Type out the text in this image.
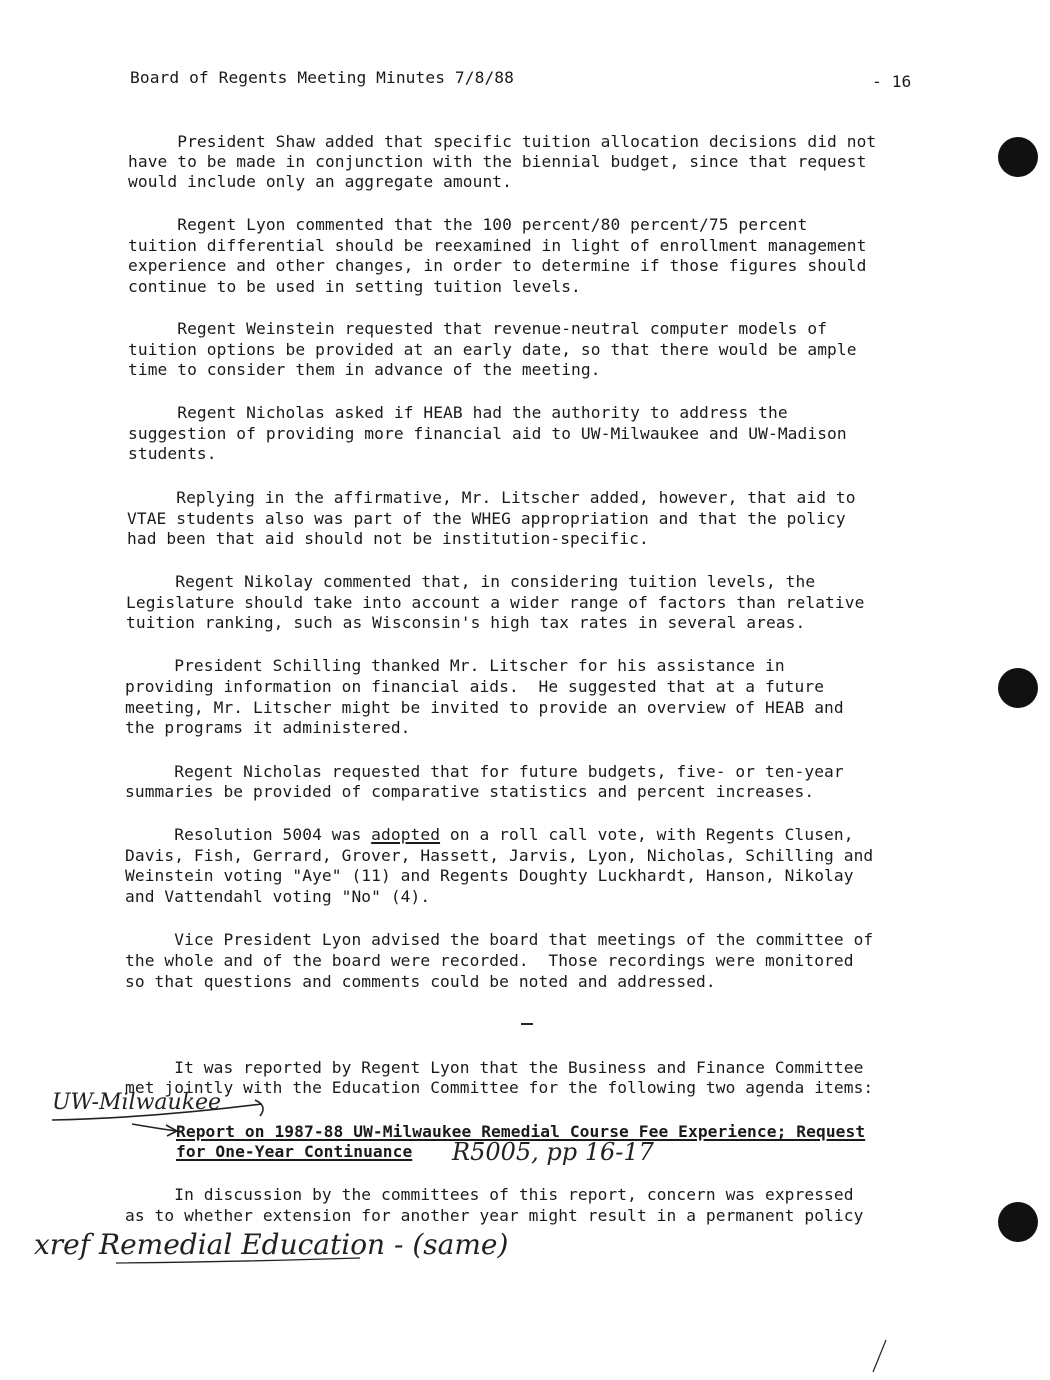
Board of Regents Meeting Minutes 7/8/88	- 16
President Shaw added that specific tuition allocation decisions did not
have to be made in conjunction with the biennial budget, since that request
would include only an aggregate amount.
Regent Lyon commented that the 100 percent/80 percent/75 percent
tuition differential should be reexamined in light of enrollment management
experience and other changes, in order to determine if those figures should
continue to be used in setting tuition levels.
Regent Weinstein requested that revenue-neutral computer models of
tuition options be provided at an early date, so that there would be ample
time to consider them in advance of the meeting.
Regent Nicholas asked if HEAB had the authority to address the
suggestion of providing more financial aid to UW-Milwaukee and UW-Madison
students.
Replying in the affirmative, Mr. Litscher added, however, that aid to
VTAE students also was part of the WHEG appropriation and that the policy
had been that aid should not be institution-specific.
Regent Nikolay commented that, in considering tuition levels, the
Legislature should take into account a wider range of factors than relative
tuition ranking, such as Wisconsin's high tax rates in several areas.
President Schilling thanked Mr. Litscher for his assistance in
providing information on financial aids.  He suggested that at a future
meeting, Mr. Litscher might be invited to provide an overview of HEAB and
the programs it administered.
Regent Nicholas requested that for future budgets, five- or ten-year
summaries be provided of comparative statistics and percent increases.
Resolution 5004 was adopted on a roll call vote, with Regents Clusen,
Davis, Fish, Gerrard, Grover, Hassett, Jarvis, Lyon, Nicholas, Schilling and
Weinstein voting "Aye" (11) and Regents Doughty Luckhardt, Hanson, Nikolay
and Vattendahl voting "No" (4).
Vice President Lyon advised the board that meetings of the committee of
the whole and of the board were recorded.  Those recordings were monitored
so that questions and comments could be noted and addressed.
It was reported by Regent Lyon that the Business and Finance Committee
met jointly with the Education Committee for the following two agenda items:
Report on 1987-88 UW-Milwaukee Remedial Course Fee Experience; Request
for One-Year Continuance
In discussion by the committees of this report, concern was expressed
as to whether extension for another year might result in a permanent policy
UW-Milwaukee
R5005, pp 16-17
xref Remedial Education - (same)
